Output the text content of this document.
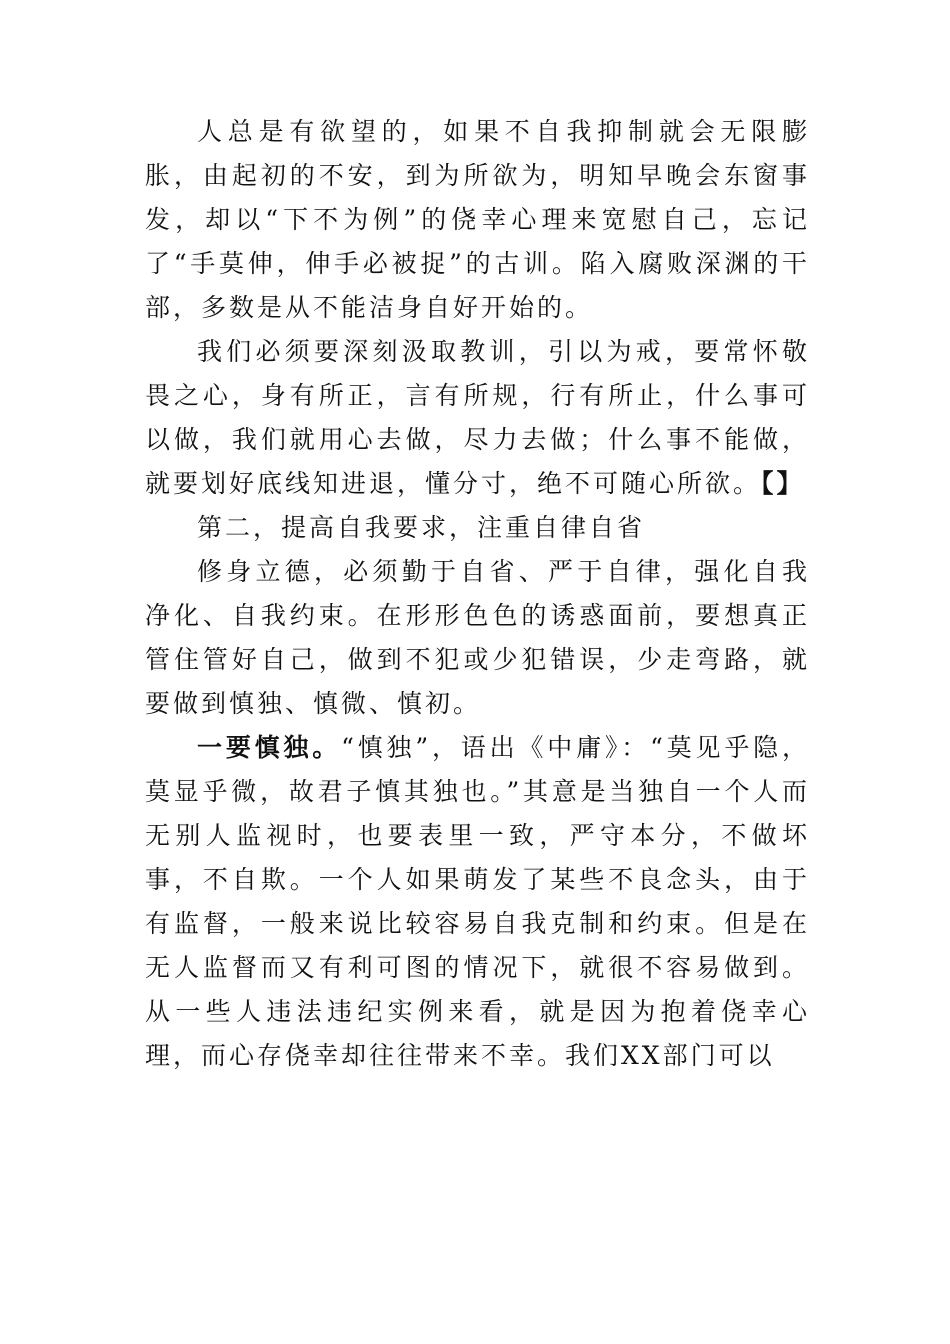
人总是有欲望的，如果不自我抑制就会无限膨胀，由起初的不安，到为所欲为，明知早晚会东窗事发，却以“下不为例”的侥幸心理来宽慰自己，忘记了“手莫伸，伸手必被捉”的古训。陷入腐败深渊的干部，多数是从不能洁身自好开始的。

我们必须要深刻汲取教训，引以为戒，要常怀敬畏之心，身有所正，言有所规，行有所止，什么事可以做，我们就用心去做，尽力去做；什么事不能做，就要划好底线知进退，懂分寸，绝不可随心所欲。【】

第二，提高自我要求，注重自律自省

修身立德，必须勤于自省、严于自律，强化自我净化、自我约束。在形形色色的诱惑面前，要想真正管住管好自己，做到不犯或少犯错误，少走弯路，就要做到慎独、慎微、慎初。

一要慎独。“慎独”，语出《中庸》：“莫见乎隐，莫显乎微，故君子慎其独也。”其意是当独自一个人而无别人监视时，也要表里一致，严守本分，不做坏事，不自欺。一个人如果萌发了某些不良念头，由于有监督，一般来说比较容易自我克制和约束。但是在无人监督而又有利可图的情况下，就很不容易做到。从一些人违法违纪实例来看，就是因为抱着侥幸心理，而心存侥幸却往往带来不幸。我们XX部门可以
